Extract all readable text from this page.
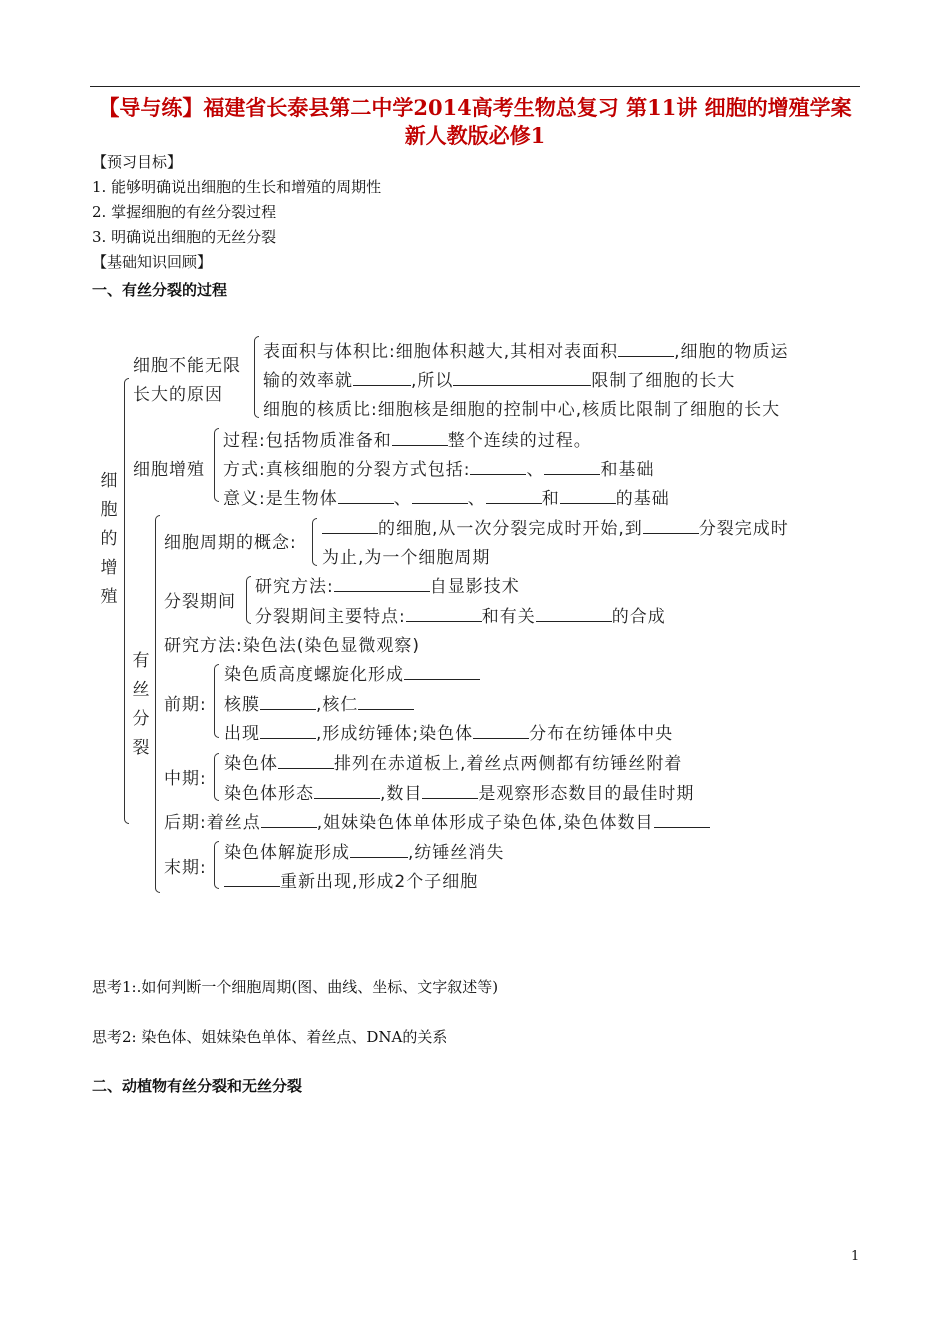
【导与练】福建省长泰县第二中学2014高考生物总复习 第11讲 细胞的增殖学案 新人教版必修1
【预习目标】
1. 能够明确说出细胞的生长和增殖的周期性
2. 掌握细胞的有丝分裂过程
3. 明确说出细胞的无丝分裂
【基础知识回顾】
一、有丝分裂的过程
细
胞
的
增
殖
细胞不能无限
长大的原因
表面积与体积比:细胞体积越大,其相对表面积	,细胞的物质运
输的效率就	,所以	限制了细胞的长大
细胞的核质比:细胞核是细胞的控制中心,核质比限制了细胞的长大
细胞增殖
过程:包括物质准备和	整个连续的过程。
方式:真核细胞的分裂方式包括:	、	和基础
意义:是生物体	、	、	和	的基础
有
丝
分
裂
细胞周期的概念:
的细胞,从一次分裂完成时开始,到	分裂完成时
为止,为一个细胞周期
分裂期间
研究方法:	自显影技术
分裂期间主要特点:	和有关	的合成
研究方法:染色法(染色显微观察)
前期:
染色质高度螺旋化形成
核膜	,核仁
出现	,形成纺锤体;染色体	分布在纺锤体中央
中期:
染色体	排列在赤道板上,着丝点两侧都有纺锤丝附着
染色体形态	,数目	是观察形态数目的最佳时期
后期:着丝点	,姐妹染色体单体形成子染色体,染色体数目
末期:
染色体解旋形成	,纺锤丝消失
重新出现,形成2个子细胞
思考1:.如何判断一个细胞周期(图、曲线、坐标、文字叙述等)
思考2: 染色体、姐妹染色单体、着丝点、DNA的关系
二、动植物有丝分裂和无丝分裂
1
